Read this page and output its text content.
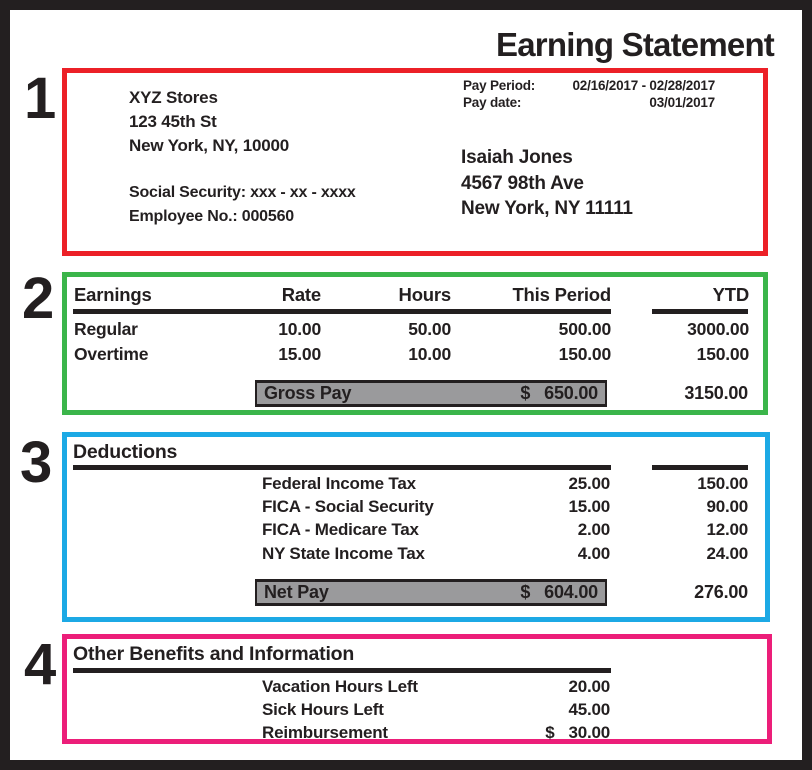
Earning Statement
1
2
3
4
XYZ Stores
123 45th St
New York, NY, 10000
Social Security: xxx - xx - xxxx
Employee No.: 000560
Pay Period:	02/16/2017 - 02/28/2017
Pay date:	03/01/2017
Isaiah Jones
4567 98th Ave
New York, NY 11111
Earnings	Rate	Hours	This Period	YTD
Regular	10.00	50.00	500.00	3000.00
Overtime	15.00	10.00	150.00	150.00
Gross Pay	$ 650.00	3150.00
Deductions
Federal Income Tax	25.00	150.00
FICA - Social Security	15.00	90.00
FICA - Medicare Tax	2.00	12.00
NY State Income Tax	4.00	24.00
Net Pay	$ 604.00	276.00
Other Benefits and Information
Vacation Hours Left	20.00
Sick Hours Left	45.00
Reimbursement	$ 30.00
